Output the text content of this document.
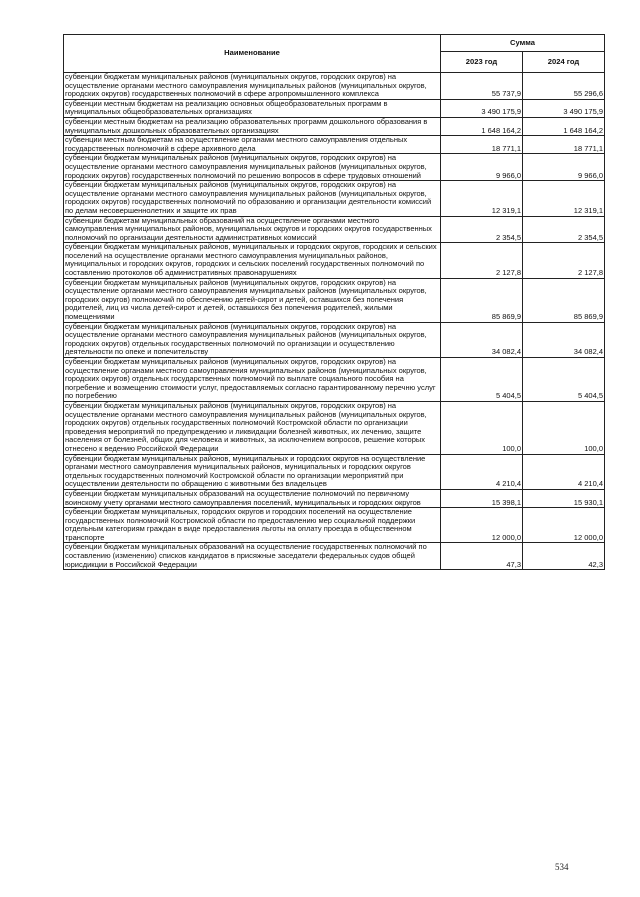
Наименование	Сумма	
	2023 год	2024 год
субвенции бюджетам муниципальных районов (муниципальных округов, городских округов) на осуществление органами местного самоуправления муниципальных районов (муниципальных округов, городских округов) государственных полномочий в сфере агропромышленного комплекса	55 737,9	55 296,6
субвенции местным бюджетам на реализацию основных общеобразовательных программ в муниципальных общеобразовательных организациях	3 490 175,9	3 490 175,9
субвенции местным бюджетам на реализацию образовательных программ дошкольного образования в муниципальных дошкольных образовательных организациях	1 648 164,2	1 648 164,2
субвенции местным бюджетам на осуществление органами местного самоуправления отдельных государственных полномочий в сфере архивного дела	18 771,1	18 771,1
субвенции бюджетам муниципальных районов (муниципальных округов, городских округов) на осуществление органами местного самоуправления муниципальных районов (муниципальных округов, городских округов) государственных полномочий по решению вопросов в сфере трудовых отношений	9 966,0	9 966,0
субвенции бюджетам муниципальных районов (муниципальных округов, городских округов) на осуществление органами местного самоуправления муниципальных районов (муниципальных округов, городских округов) государственных полномочий по образованию и организации деятельности комиссий по делам несовершеннолетних и защите их прав	12 319,1	12 319,1
субвенции бюджетам муниципальных образований на осуществление органами местного самоуправления муниципальных районов, муниципальных округов и городских округов государственных полномочий по организации деятельности административных комиссий	2 354,5	2 354,5
субвенции бюджетам муниципальных районов, муниципальных и городских округов, городских и сельских поселений на осуществление органами местного самоуправления муниципальных районов, муниципальных и городских округов, городских и сельских поселений государственных полномочий по составлению протоколов об административных правонарушениях	2 127,8	2 127,8
субвенции бюджетам муниципальных районов (муниципальных округов, городских округов) на осуществление органами местного самоуправления муниципальных районов (муниципальных округов, городских округов) полномочий по обеспечению детей-сирот и детей, оставшихся без попечения родителей, лиц из числа детей-сирот и детей, оставшихся без попечения родителей, жилыми помещениями	85 869,9	85 869,9
субвенции бюджетам муниципальных районов (муниципальных округов, городских округов) на осуществление органами местного самоуправления муниципальных районов (муниципальных округов, городских округов) отдельных государственных полномочий по организации и осуществлению деятельности по опеке и попечительству	34 082,4	34 082,4
субвенции бюджетам муниципальных районов (муниципальных округов, городских округов) на осуществление органами местного самоуправления муниципальных районов (муниципальных округов, городских округов) отдельных государственных полномочий по выплате социального пособия на погребение и возмещению стоимости услуг, предоставляемых согласно гарантированному перечню услуг по погребению	5 404,5	5 404,5
субвенции бюджетам муниципальных районов (муниципальных округов, городских округов) на осуществление органами местного самоуправления муниципальных районов (муниципальных округов, городских округов) отдельных государственных полномочий Костромской области по организации проведения мероприятий по предупреждению и ликвидации болезней животных, их лечению, защите населения от болезней, общих для человека и животных, за исключением вопросов, решение которых отнесено к ведению Российской Федерации	100,0	100,0
субвенции бюджетам муниципальных районов, муниципальных и городских округов на осуществление органами местного самоуправления муниципальных районов, муниципальных и городских округов отдельных государственных полномочий Костромской области по организации мероприятий при осуществлении деятельности по обращению с животными без владельцев	4 210,4	4 210,4
субвенции бюджетам муниципальных образований на осуществление полномочий по первичному воинскому учету органами местного самоуправления поселений, муниципальных и городских округов	15 398,1	15 930,1
субвенции бюджетам муниципальных, городских округов и городских поселений на осуществление государственных полномочий Костромской области по предоставлению мер социальной поддержки отдельным категориям граждан в виде предоставления льготы на оплату проезда в общественном транспорте	12 000,0	12 000,0
субвенции бюджетам муниципальных образований на осуществление государственных полномочий по составлению (изменению) списков кандидатов в присяжные заседатели федеральных судов общей юрисдикции в Российской Федерации	47,3	42,3
534
